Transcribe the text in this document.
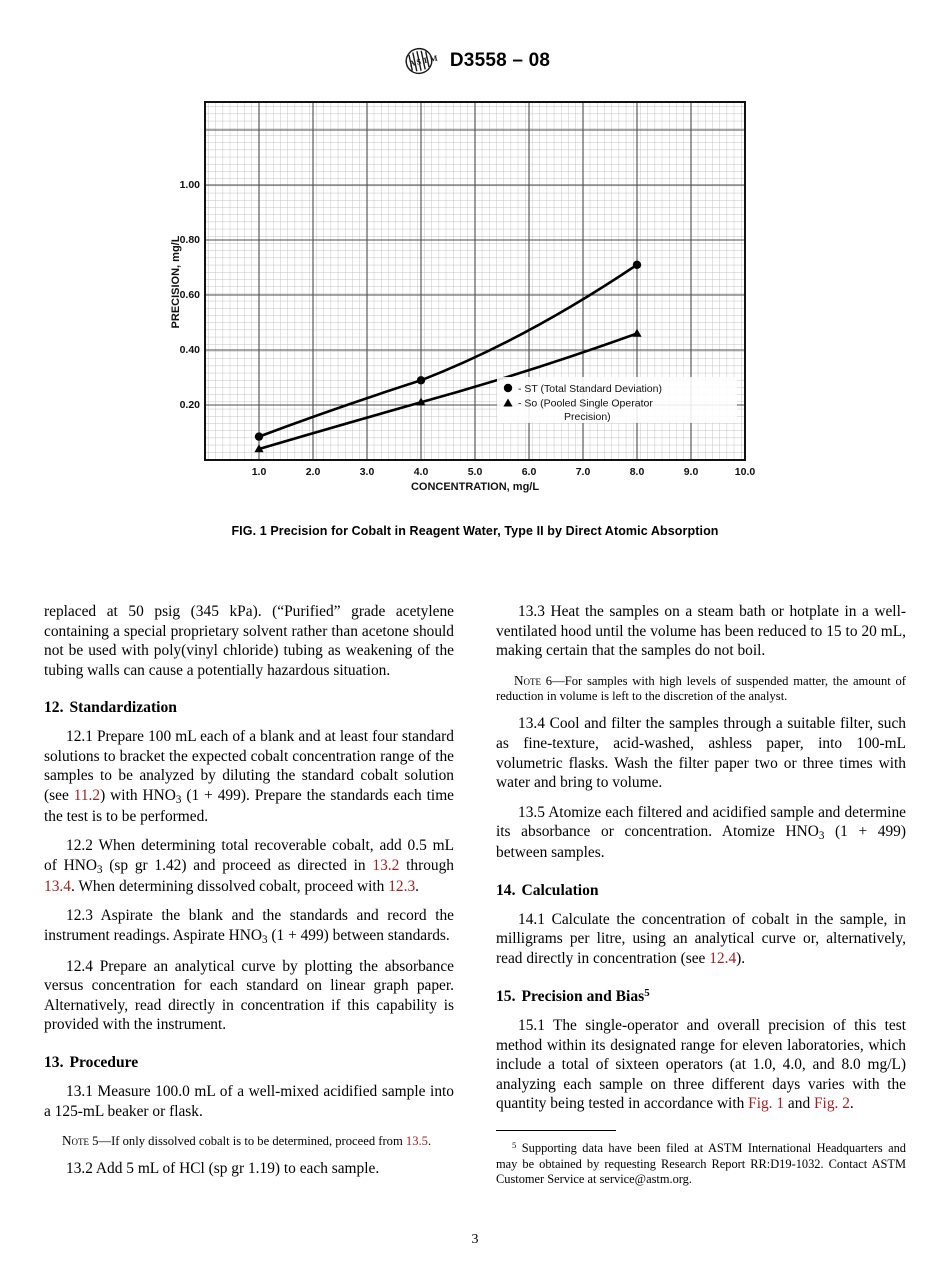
A S T M D3558 – 08
0.20
0.40
0.60
0.80
1.00
1.0	2.0	3.0	4.0	5.0	6.0	7.0	8.0	9.0	10.0
CONCENTRATION, mg/L
PRECISION, mg/L
- ST (Total Standard Deviation)
- So (Pooled Single Operator
Precision)
FIG. 1 Precision for Cobalt in Reagent Water, Type II by Direct Atomic Absorption

replaced at 50 psig (345 kPa). (“Purified” grade acetylene containing a special proprietary solvent rather than acetone should not be used with poly(vinyl chloride) tubing as weakening of the tubing walls can cause a potentially hazardous situation.

12. Standardization

12.1 Prepare 100 mL each of a blank and at least four standard solutions to bracket the expected cobalt concentration range of the samples to be analyzed by diluting the standard cobalt solution (see 11.2) with $HNO_3$ (1 + 499). Prepare the standards each time the test is to be performed.

12.2 When determining total recoverable cobalt, add 0.5 mL of $HNO_3$ (sp gr 1.42) and proceed as directed in 13.2 through 13.4. When determining dissolved cobalt, proceed with 12.3.

12.3 Aspirate the blank and the standards and record the instrument readings. Aspirate $HNO_3$ (1 + 499) between standards.

12.4 Prepare an analytical curve by plotting the absorbance versus concentration for each standard on linear graph paper. Alternatively, read directly in concentration if this capability is provided with the instrument.

13. Procedure

13.1 Measure 100.0 mL of a well-mixed acidified sample into a 125-mL beaker or flask.

Note 5—If only dissolved cobalt is to be determined, proceed from 13.5.

13.2 Add 5 mL of HCl (sp gr 1.19) to each sample.

13.3 Heat the samples on a steam bath or hotplate in a well-ventilated hood until the volume has been reduced to 15 to 20 mL, making certain that the samples do not boil.

Note 6—For samples with high levels of suspended matter, the amount of reduction in volume is left to the discretion of the analyst.

13.4 Cool and filter the samples through a suitable filter, such as fine-texture, acid-washed, ashless paper, into 100-mL volumetric flasks. Wash the filter paper two or three times with water and bring to volume.

13.5 Atomize each filtered and acidified sample and determine its absorbance or concentration. Atomize $HNO_3$ (1 + 499) between samples.

14. Calculation

14.1 Calculate the concentration of cobalt in the sample, in milligrams per litre, using an analytical curve or, alternatively, read directly in concentration (see 12.4).

15. Precision and Bias$^5$

15.1 The single-operator and overall precision of this test method within its designated range for eleven laboratories, which include a total of sixteen operators (at 1.0, 4.0, and 8.0 mg/L) analyzing each sample on three different days varies with the quantity being tested in accordance with Fig. 1 and Fig. 2.

$^5$ Supporting data have been filed at ASTM International Headquarters and may be obtained by requesting Research Report RR:D19-1032. Contact ASTM Customer Service at service@astm.org.

3
